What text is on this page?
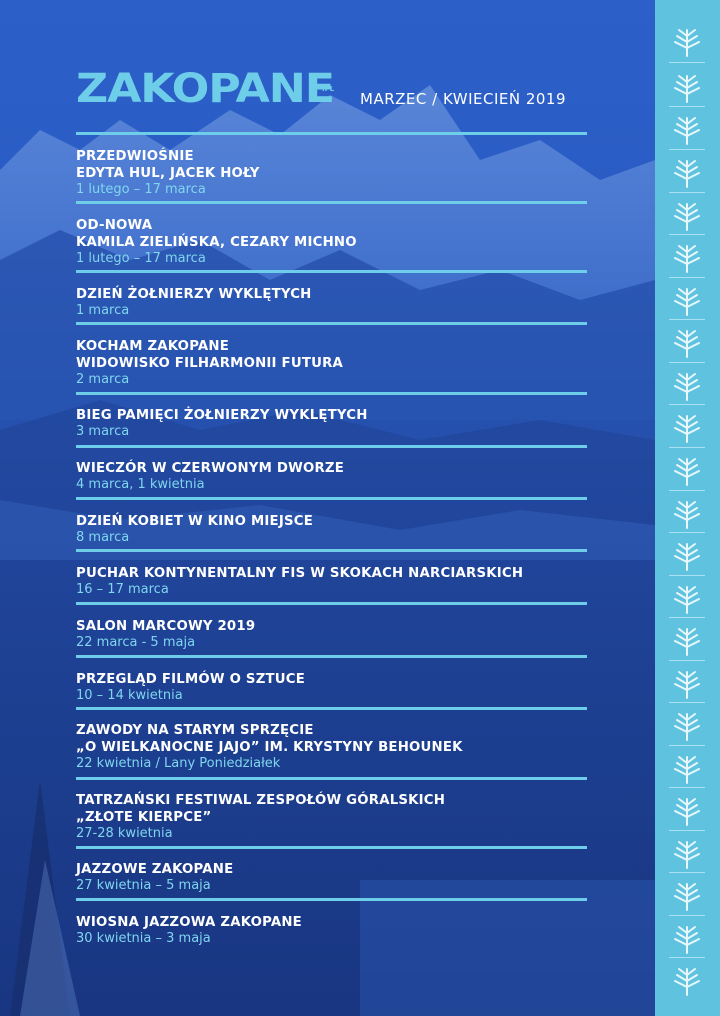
ZAKOPANE
.PL
MARZEC / KWIECIEŃ 2019
PRZEDWIOŚNIE
EDYTA HUL, JACEK HOŁY
1 lutego – 17 marca
OD-NOWA
KAMILA ZIELIŃSKA, CEZARY MICHNO
1 lutego – 17 marca
DZIEŃ ŻOŁNIERZY WYKLĘTYCH
1 marca
KOCHAM ZAKOPANE
WIDOWISKO FILHARMONII FUTURA
2 marca
BIEG PAMIĘCI ŻOŁNIERZY WYKLĘTYCH
3 marca
WIECZÓR W CZERWONYM DWORZE
4 marca, 1 kwietnia
DZIEŃ KOBIET W KINO MIEJSCE
8 marca
PUCHAR KONTYNENTALNY FIS W SKOKACH NARCIARSKICH
16 – 17 marca
SALON MARCOWY 2019
22 marca - 5 maja
PRZEGLĄD FILMÓW O SZTUCE
10 – 14 kwietnia
ZAWODY NA STARYM SPRZĘCIE
„O WIELKANOCNE JAJO” IM. KRYSTYNY BEHOUNEK
22 kwietnia / Lany Poniedziałek
TATRZAŃSKI FESTIWAL ZESPOŁÓW GÓRALSKICH
„ZŁOTE KIERPCE”
27-28 kwietnia
JAZZOWE ZAKOPANE
27 kwietnia – 5 maja
WIOSNA JAZZOWA ZAKOPANE
30 kwietnia – 3 maja
